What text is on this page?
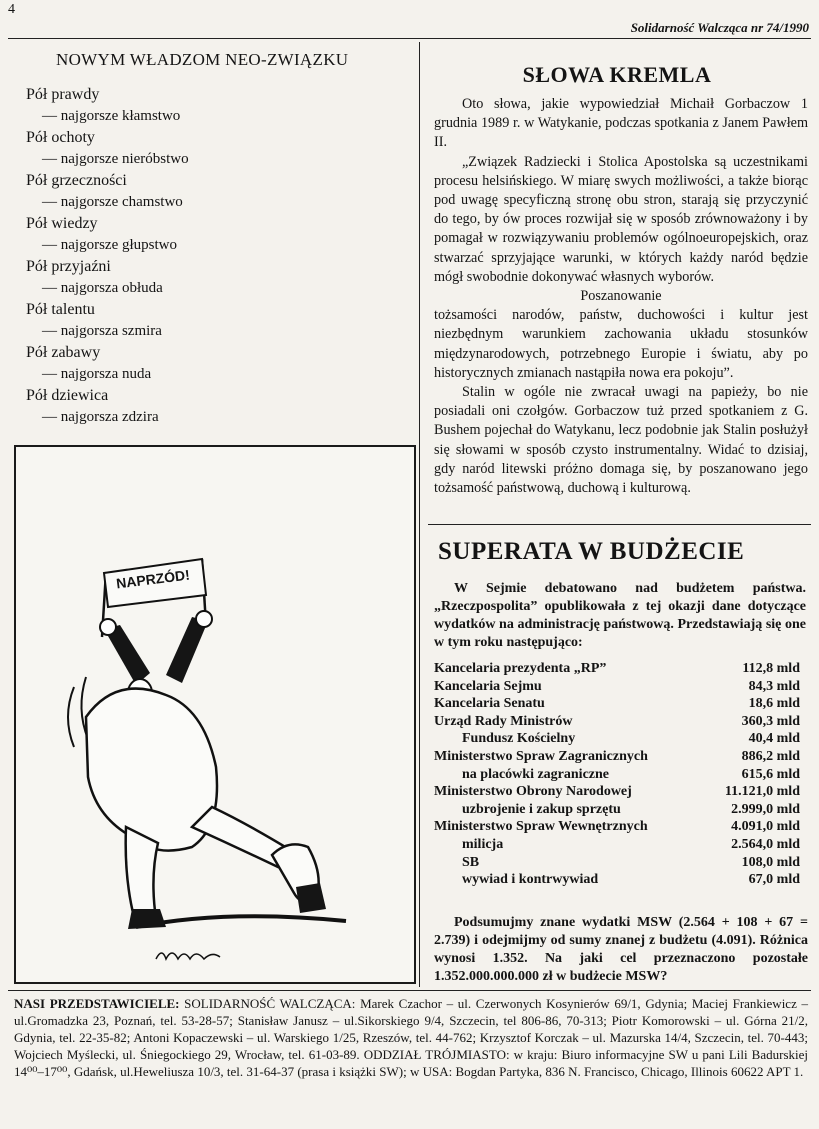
4
Solidarność Walcząca nr 74/1990
NOWYM WŁADZOM NEO-ZWIĄZKU
Pół prawdy
— najgorsze kłamstwo
Pół ochoty
— najgorsze nieróbstwo
Pół grzeczności
— najgorsze chamstwo
Pół wiedzy
— najgorsze głupstwo
Pół przyjaźni
— najgorsza obłuda
Pół talentu
— najgorsza szmira
Pół zabawy
— najgorsza nuda
Pół dziewica
— najgorsza zdzira
NAPRZÓD!
SŁOWA KREMLA

Oto słowa, jakie wypowiedział Michaił Gorbaczow 1 grudnia 1989 r. w Watykanie, podczas spotkania z Janem Pawłem II.

„Związek Radziecki i Stolica Apostolska są uczestnikami procesu helsińskiego. W miarę swych możliwości, a także biorąc pod uwagę specyficzną stronę obu stron, starają się przyczynić do tego, by ów proces rozwijał się w sposób zrównoważony i by pomagał w rozwiązywaniu problemów ogólnoeuropejskich, oraz stwarzać sprzyjające warunki, w których każdy naród będzie mógł swobodnie dokonywać własnych wyborów.

Poszanowanie

tożsamości narodów, państw, duchowości i kultur jest niezbędnym warunkiem zachowania układu stosunków międzynarodowych, potrzebnego Europie i światu, aby po historycznych zmianach nastąpiła nowa era pokoju”.

Stalin w ogóle nie zwracał uwagi na papieży, bo nie posiadali oni czołgów. Gorbaczow tuż przed spotkaniem z G. Bushem pojechał do Watykanu, lecz podobnie jak Stalin posłużył się słowami w sposób czysto instrumentalny. Widać to dzisiaj, gdy naród litewski próżno domaga się, by poszanowano jego tożsamość państwową, duchową i kulturową.

SUPERATA W BUDŻECIE

W Sejmie debatowano nad budżetem państwa. „Rzeczpospolita” opublikowała z tej okazji dane dotyczące wydatków na administrację państwową. Przedstawiają się one w tym roku następująco:

Kancelaria prezydenta „RP”	112,8 mld
Kancelaria Sejmu	84,3 mld
Kancelaria Senatu	18,6 mld
Urząd Rady Ministrów	360,3 mld
Fundusz Kościelny	40,4 mld
Ministerstwo Spraw Zagranicznych	886,2 mld
na placówki zagraniczne	615,6 mld
Ministerstwo Obrony Narodowej	11.121,0 mld
uzbrojenie i zakup sprzętu	2.999,0 mld
Ministerstwo Spraw Wewnętrznych	4.091,0 mld
milicja	2.564,0 mld
SB	108,0 mld
wywiad i kontrwywiad	67,0 mld

Podsumujmy znane wydatki MSW (2.564 + 108 + 67 = 2.739) i odejmijmy od sumy znanej z budżetu (4.091). Różnica wynosi 1.352. Na jaki cel przeznaczono pozostałe 1.352.000.000.000 zł w budżecie MSW?

NASI PRZEDSTAWICIELE: SOLIDARNOŚĆ WALCZĄCA: Marek Czachor – ul. Czerwonych Kosynierów 69/1, Gdynia; Maciej Frankiewicz – ul.Gromadzka 23, Poznań, tel. 53-28-57; Stanisław Janusz – ul.Sikorskiego 9/4, Szczecin, tel 806-86, 70-313; Piotr Komorowski – ul. Górna 21/2, Gdynia, tel. 22-35-82; Antoni Kopaczewski – ul. Warskiego 1/25, Rzeszów, tel. 44-762; Krzysztof Korczak – ul. Mazurska 14/4, Szczecin, tel. 70-443; Wojciech Myślecki, ul. Śniegockiego 29, Wrocław, tel. 61-03-89. ODDZIAŁ TRÓJMIASTO: w kraju: Biuro informacyjne SW u pani Lili Badurskiej 14⁰⁰–17⁰⁰, Gdańsk, ul.Heweliusza 10/3, tel. 31-64-37 (prasa i książki SW); w USA: Bogdan Partyka, 836 N. Francisco, Chicago, Illinois 60622 APT 1.
